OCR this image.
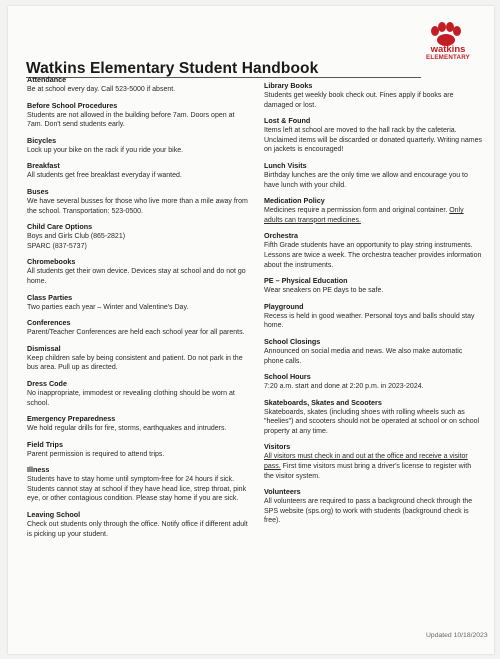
watkins
ELEMENTARY
Watkins Elementary Student Handbook
Attendance

Be at school every day. Call 523-5000 if absent.

Before School Procedures

Students are not allowed in the building before 7am. Doors open at 7am. Don't send students early.

Bicycles

Lock up your bike on the rack if you ride your bike.

Breakfast

All students get free breakfast everyday if wanted.

Buses

We have several busses for those who live more than a mile away from the school. Transportation: 523-0500.

Child Care Options

Boys and Girls Club (865-2821)

SPARC (837-5737)

Chromebooks

All students get their own device. Devices stay at school and do not go home.

Class Parties

Two parties each year – Winter and Valentine's Day.

Conferences

Parent/Teacher Conferences are held each school year for all parents.

Dismissal

Keep children safe by being consistent and patient. Do not park in the bus area. Pull up as directed.

Dress Code

No inappropriate, immodest or revealing clothing should be worn at school.

Emergency Preparedness

We hold regular drills for fire, storms, earthquakes and intruders.

Field Trips

Parent permission is required to attend trips.

Illness

Students have to stay home until symptom-free for 24 hours if sick. Students cannot stay at school if they have head lice, strep throat, pink eye, or other contagious condition. Please stay home if you are sick.

Leaving School

Check out students only through the office. Notify office if different adult is picking up your student.

Library Books

Students get weekly book check out. Fines apply if books are damaged or lost.

Lost & Found

Items left at school are moved to the hall rack by the cafeteria. Unclaimed items will be discarded or donated quarterly. Writing names on jackets is encouraged!

Lunch Visits

Birthday lunches are the only time we allow and encourage you to have lunch with your child.

Medication Policy

Medicines require a permission form and original container. Only adults can transport medicines.

Orchestra

Fifth Grade students have an opportunity to play string instruments. Lessons are twice a week. The orchestra teacher provides information about the instruments.

PE – Physical Education

Wear sneakers on PE days to be safe.

Playground

Recess is held in good weather. Personal toys and balls should stay home.

School Closings

Announced on social media and news. We also make automatic phone calls.

School Hours

7:20 a.m. start and done at 2:20 p.m. in 2023-2024.

Skateboards, Skates and Scooters

Skateboards, skates (including shoes with rolling wheels such as "heelies") and scooters should not be operated at school or on school property at any time.

Visitors

All visitors must check in and out at the office and receive a visitor pass. First time visitors must bring a driver's license to register with the visitor system.

Volunteers

All volunteers are required to pass a background check through the SPS website (sps.org) to work with students (background check is free).

Updated 10/18/2023
